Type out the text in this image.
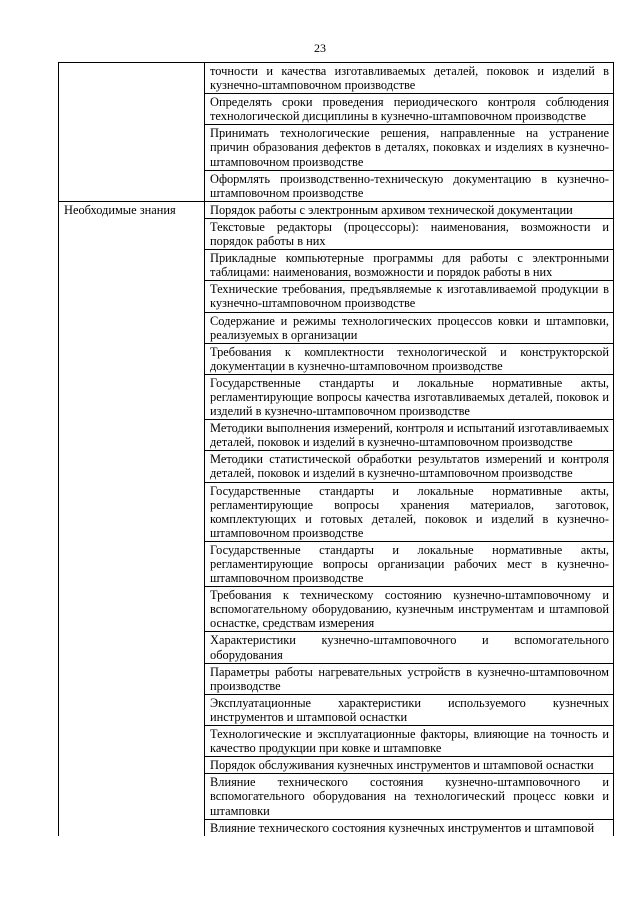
23
	точности и качества изготавливаемых деталей, поковок и изделий в кузнечно-штамповочном производстве
	Определять сроки проведения периодического контроля соблюдения технологической дисциплины в кузнечно-штамповочном производстве
	Принимать технологические решения, направленные на устранение причин образования дефектов в деталях, поковках и изделиях в кузнечно-штамповочном производстве
	Оформлять производственно-техническую документацию в кузнечно-штамповочном производстве
Необходимые знания	Порядок работы с электронным архивом технической документации
	Текстовые редакторы (процессоры): наименования, возможности и порядок работы в них
	Прикладные компьютерные программы для работы с электронными таблицами: наименования, возможности и порядок работы в них
	Технические требования, предъявляемые к изготавливаемой продукции в кузнечно-штамповочном производстве
	Содержание и режимы технологических процессов ковки и штамповки, реализуемых в организации
	Требования к комплектности технологической и конструкторской документации в кузнечно-штамповочном производстве
	Государственные стандарты и локальные нормативные акты, регламентирующие вопросы качества изготавливаемых деталей, поковок и изделий в кузнечно-штамповочном производстве
	Методики выполнения измерений, контроля и испытаний изготавливаемых деталей, поковок и изделий в кузнечно-штамповочном производстве
	Методики статистической обработки результатов измерений и контроля деталей, поковок и изделий в кузнечно-штамповочном производстве
	Государственные стандарты и локальные нормативные акты, регламентирующие вопросы хранения материалов, заготовок, комплектующих и готовых деталей, поковок и изделий в кузнечно-штамповочном производстве
	Государственные стандарты и локальные нормативные акты, регламентирующие вопросы организации рабочих мест в кузнечно-штамповочном производстве
	Требования к техническому состоянию кузнечно-штамповочному и вспомогательному оборудованию, кузнечным инструментам и штамповой оснастке, средствам измерения
	Характеристики кузнечно-штамповочного и вспомогательного оборудования
	Параметры работы нагревательных устройств в кузнечно-штамповочном производстве
	Эксплуатационные характеристики используемого кузнечных инструментов и штамповой оснастки
	Технологические и эксплуатационные факторы, влияющие на точность и качество продукции при ковке и штамповке
	Порядок обслуживания кузнечных инструментов и штамповой оснастки
	Влияние технического состояния кузнечно-штамповочного и вспомогательного оборудования на технологический процесс ковки и штамповки
	Влияние технического состояния кузнечных инструментов и штамповой
